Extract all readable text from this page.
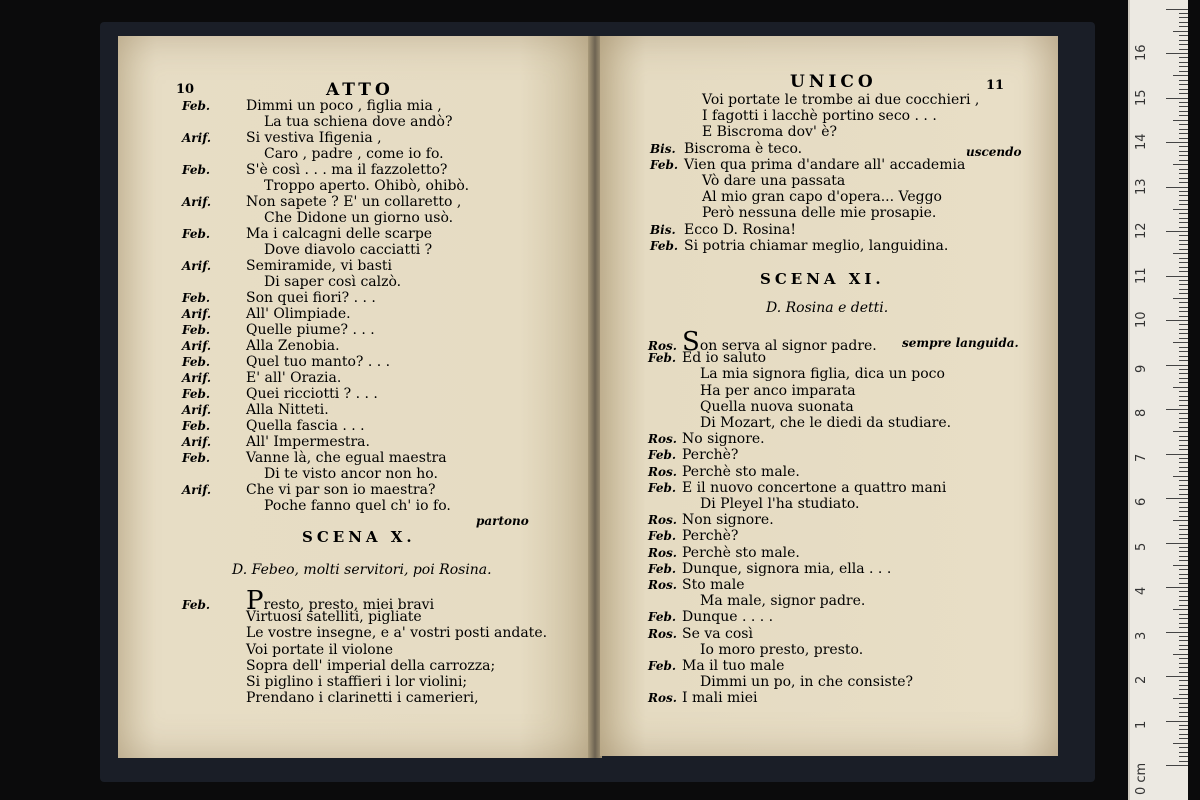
10	ATTO
Feb.	Dimmi un poco , figlia mia ,
La tua schiena dove andò?
Arif. Si vestiva Ifigenia ,
Caro , padre , come io fo.
Feb.	S'è così . . . ma il fazzoletto?
Troppo aperto. Ohibò, ohibò.
Arif. Non sapete ? E' un collaretto ,
Che Didone un giorno usò.
Feb.	Ma i calcagni delle scarpe
Dove diavolo cacciatti ?
Arif. Semiramide, vi basti
Di saper così calzò.
Feb.	Son quei fiori? . . .
Arif. All' Olimpiade.
Feb.	Quelle piume? . . .
Arif. Alla Zenobia.
Feb.	Quel tuo manto? . . .
Arif. E' all' Orazia.
Feb.	Quei ricciotti ? . . .
Arif. Alla Nitteti.
Feb.	Quella fascia . . .
Arif. All' Impermestra.
Feb.	Vanne là, che egual maestra
Di te visto ancor non ho.
Arif. Che vi par son io maestra?
Poche fanno quel ch' io fo.
partono
SCENA X.
D. Febeo, molti servitori, poi Rosina.
Feb. Presto, presto, miei bravi
Virtuosi satelliti, pigliate
Le vostre insegne, e a' vostri posti andate.
Voi portate il violone
Sopra dell' imperial della carrozza;
Si piglino i staffieri i lor violini;
Prendano i clarinetti i camerieri,
UNICO	11
Voi portate le trombe ai due cocchieri ,
I fagotti i lacchè portino seco . . .
E Biscroma dov' è?
Bis. Biscroma è teco.
Feb. Vien qua prima d'andare all' accademia
Vò dare una passata
Al mio gran capo d'opera... Veggo
Però nessuna delle mie prosapie.
Bis. Ecco D. Rosina!
Feb. Si potria chiamar meglio, languidina.
uscendo
SCENA XI.
D. Rosina e detti.
Ros. Son serva al signor padre.
Feb. Ed io saluto
La mia signora figlia, dica un poco
Ha per anco imparata
Quella nuova suonata
Di Mozart, che le diedi da studiare.
Ros. No signore.
Feb. Perchè?
Ros. Perchè sto male.
Feb. E il nuovo concertone a quattro mani
Di Pleyel l'ha studiato.
Ros. Non signore.
Feb. Perchè?
Ros. Perchè sto male.
Feb. Dunque, signora mia, ella . . .
Ros. Sto male
Ma male, signor padre.
Feb. Dunque . . . .
Ros. Se va così
Io moro presto, presto.
Feb. Ma il tuo male
Dimmi un po, in che consiste?
Ros. I mali miei
sempre languida.
0 cm
1
2
3
4
5
6
7
8
9
10
11
12
13
14
15
16
